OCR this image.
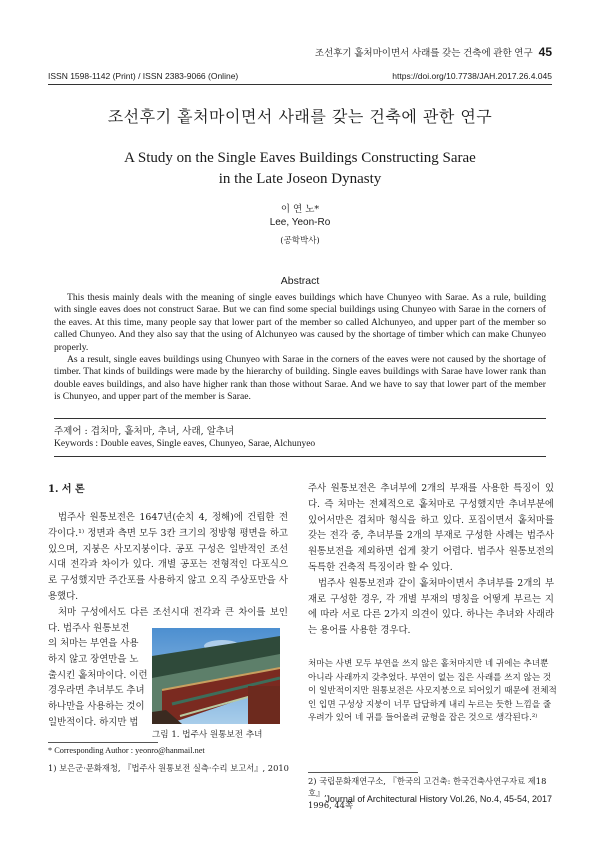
조선후기 홑처마이면서 사래를 갖는 건축에 관한 연구 45
ISSN 1598-1142 (Print) / ISSN 2383-9066 (Online)	https://doi.org/10.7738/JAH.2017.26.4.045
조선후기 홑처마이면서 사래를 갖는 건축에 관한 연구
A Study on the Single Eaves Buildings Constructing Sarae
in the Late Joseon Dynasty
이 연 노*
Lee, Yeon-Ro
(공학박사)
Abstract

This thesis mainly deals with the meaning of single eaves buildings which have Chunyeo with Sarae. As a rule, building with single eaves does not construct Sarae. But we can find some special buildings using Chunyeo with Sarae in the corners of the eaves. At this time, many people say that lower part of the member so called Alchunyeo, and upper part of the member so called Chunyeo. And they also say that the using of Alchunyeo was caused by the shortage of timber which can make Chunyeo properly.

As a result, single eaves buildings using Chunyeo with Sarae in the corners of the eaves were not caused by the shortage of timber. That kinds of buildings were made by the hierarchy of building. Single eaves buildings with Sarae have lower rank than double eaves buildings, and also have higher rank than those without Sarae. And we have to say that lower part of the member is Chunyeo, and upper part of the member is Sarae.

주제어 : 겹처마, 홑처마, 추녀, 사래, 알추녀
Keywords : Double eaves, Single eaves, Chunyeo, Sarae, Alchunyeo
1. 서 론

법주사 원통보전은 1647년(순치 4, 정해)에 건립한 전각이다.¹⁾ 정면과 측면 모두 3칸 크기의 정방형 평면을 하고 있으며, 지붕은 사모지붕이다. 공포 구성은 일반적인 조선시대 전각과 차이가 있다. 개별 공포는 전형적인 다포식으로 구성했지만 주간포를 사용하지 않고 오직 주상포만을 사용했다.

처마 구성에서도 다른 조선시대 전각과 큰 차이를 보인다. 법주사 원통보전

의 처마는 부연을 사용
하지 않고 장연만을 노
출시킨 홑처마이다. 이런
경우라면 추녀부도 추녀
하나만을 사용하는 것이
일반적이다. 하지만 법
그림 1. 법주사 원통보전 추녀
* Corresponding Author : yeonro@hanmail.net
1) 보은군·문화재청, 『법주사 원통보전 실측·수리 보고서』, 2010

주사 원통보전은 추녀부에 2개의 부재를 사용한 특징이 있다. 즉 처마는 전체적으로 홑처마로 구성했지만 추녀부분에 있어서만은 겹처마 형식을 하고 있다. 포집이면서 홑처마를 갖는 전각 중, 추녀부를 2개의 부재로 구성한 사례는 법주사 원통보전을 제외하면 쉽게 찾기 어렵다. 법주사 원통보전의 독특한 건축적 특징이라 할 수 있다.

법주사 원통보전과 같이 홑처마이면서 추녀부를 2개의 부재로 구성한 경우, 각 개별 부재의 명칭을 어떻게 부르는 지에 따라 서로 다른 2가지 의견이 있다. 하나는 추녀와 사래라는 용어를 사용한 경우다.

처마는 사변 모두 부연을 쓰지 않은 홑처마지만 네 귀에는 추녀뿐 아니라 사래까지 갖추었다. 부연이 없는 집은 사래를 쓰지 않는 것이 일반적이지만 원통보전은 사모지붕으로 되어있기 때문에 전체적인 입면 구성상 지붕이 너무 답답하게 내리 누르는 듯한 느낌을 줄 우려가 있어 네 귀를 들어올려 균형을 잡은 것으로 생각된다.²⁾
2) 국립문화재연구소, 『한국의 고건축: 한국건축사연구자료 제18호』,
1996, 44쪽
Journal of Architectural History Vol.26, No.4, 45-54, 2017
